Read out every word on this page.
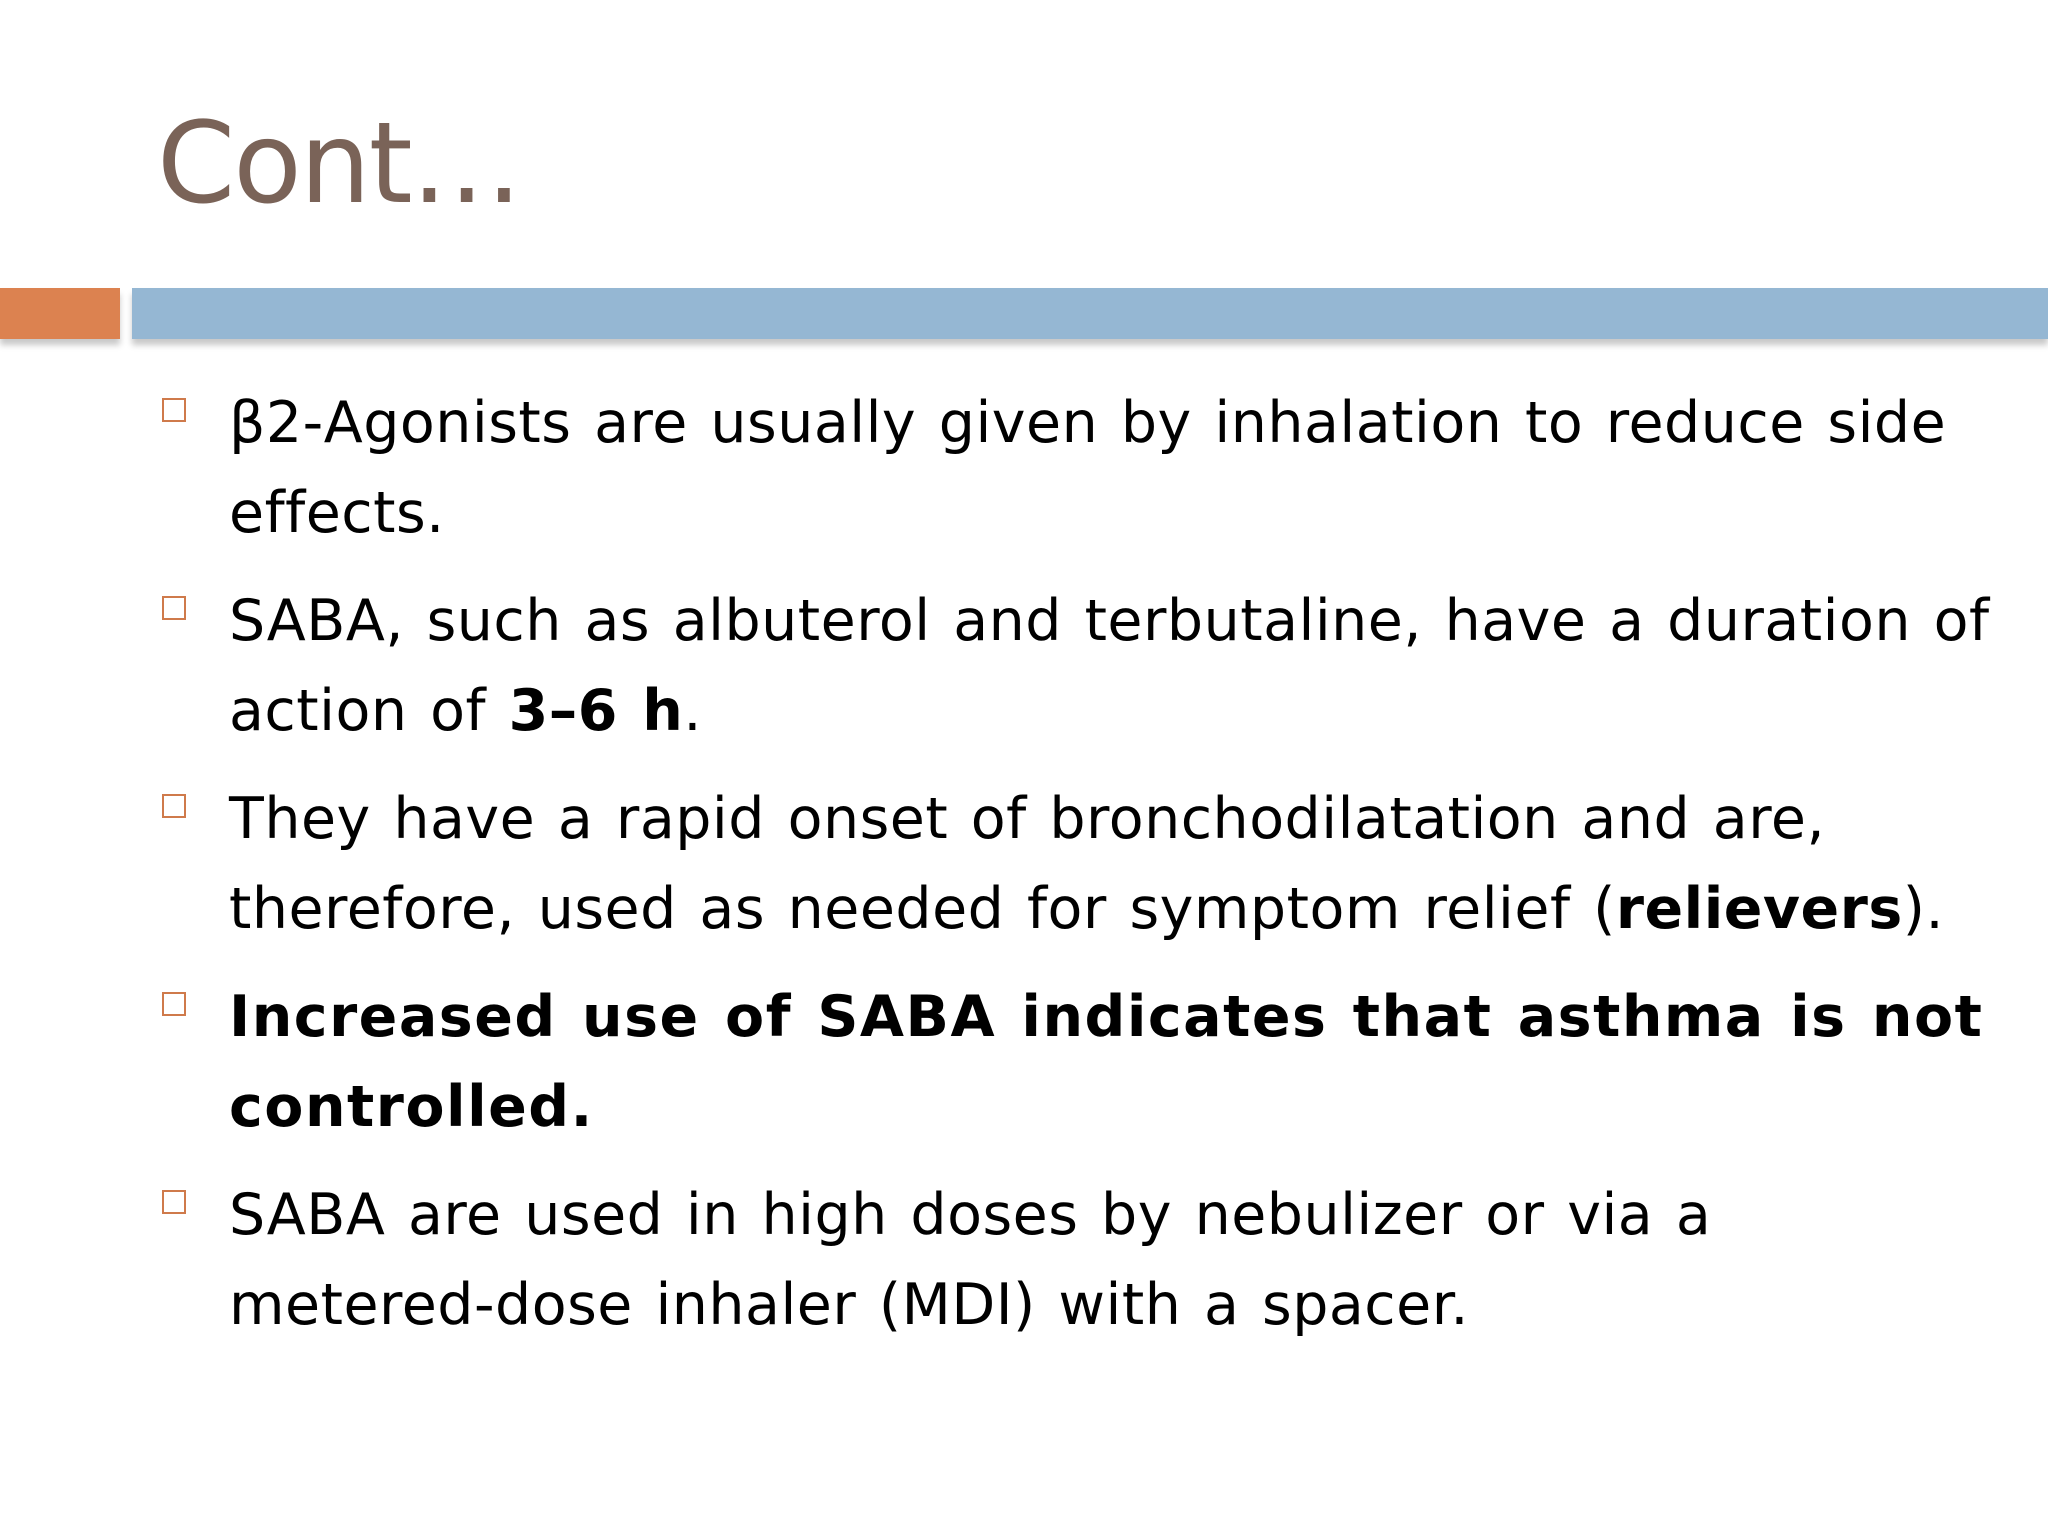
Cont…
β2-Agonists are usually given by inhalation to reduce side effects.
SABA, such as albuterol and terbutaline, have a duration of action of 3–6 h.
They have a rapid onset of bronchodilatation and are, therefore, used as needed for symptom relief (relievers).
Increased use of SABA indicates that asthma is not controlled.
SABA are used in high doses by nebulizer or via a metered-dose inhaler (MDI) with a spacer.
